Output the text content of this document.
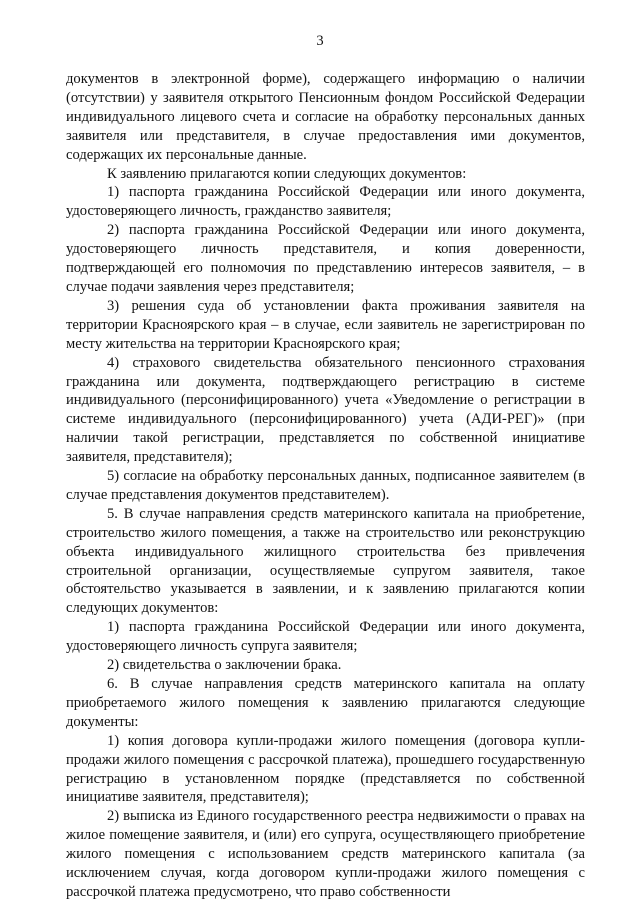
3

документов в электронной форме), содержащего информацию о наличии (отсутствии) у заявителя открытого Пенсионным фондом Российской Федерации индивидуального лицевого счета и согласие на обработку персональных данных заявителя или представителя, в случае предоставления ими документов, содержащих их персональные данные.

К заявлению прилагаются копии следующих документов:

1) паспорта гражданина Российской Федерации или иного документа, удостоверяющего личность, гражданство заявителя;

2) паспорта гражданина Российской Федерации или иного документа, удостоверяющего личность представителя, и копия доверенности, подтверждающей его полномочия по представлению интересов заявителя, – в случае подачи заявления через представителя;

3) решения суда об установлении факта проживания заявителя на территории Красноярского края – в случае, если заявитель не зарегистрирован по месту жительства на территории Красноярского края;

4) страхового свидетельства обязательного пенсионного страхования гражданина или документа, подтверждающего регистрацию в системе индивидуального (персонифицированного) учета «Уведомление о регистрации в системе индивидуального (персонифицированного) учета (АДИ-РЕГ)» (при наличии такой регистрации, представляется по собственной инициативе заявителя, представителя);

5) согласие на обработку персональных данных, подписанное заявителем (в случае представления документов представителем).

5. В случае направления средств материнского капитала на приобретение, строительство жилого помещения, а также на строительство или реконструкцию объекта индивидуального жилищного строительства без привлечения строительной организации, осуществляемые супругом заявителя, такое обстоятельство указывается в заявлении, и к заявлению прилагаются копии следующих документов:

1) паспорта гражданина Российской Федерации или иного документа, удостоверяющего личность супруга заявителя;

2) свидетельства о заключении брака.

6. В случае направления средств материнского капитала на оплату приобретаемого жилого помещения к заявлению прилагаются следующие документы:

1) копия договора купли-продажи жилого помещения (договора купли-продажи жилого помещения с рассрочкой платежа), прошедшего государственную регистрацию в установленном порядке (представляется по собственной инициативе заявителя, представителя);

2) выписка из Единого государственного реестра недвижимости о правах на жилое помещение заявителя, и (или) его супруга, осуществляющего приобретение жилого помещения с использованием средств материнского капитала (за исключением случая, когда договором купли-продажи жилого помещения с рассрочкой платежа предусмотрено, что право собственности
